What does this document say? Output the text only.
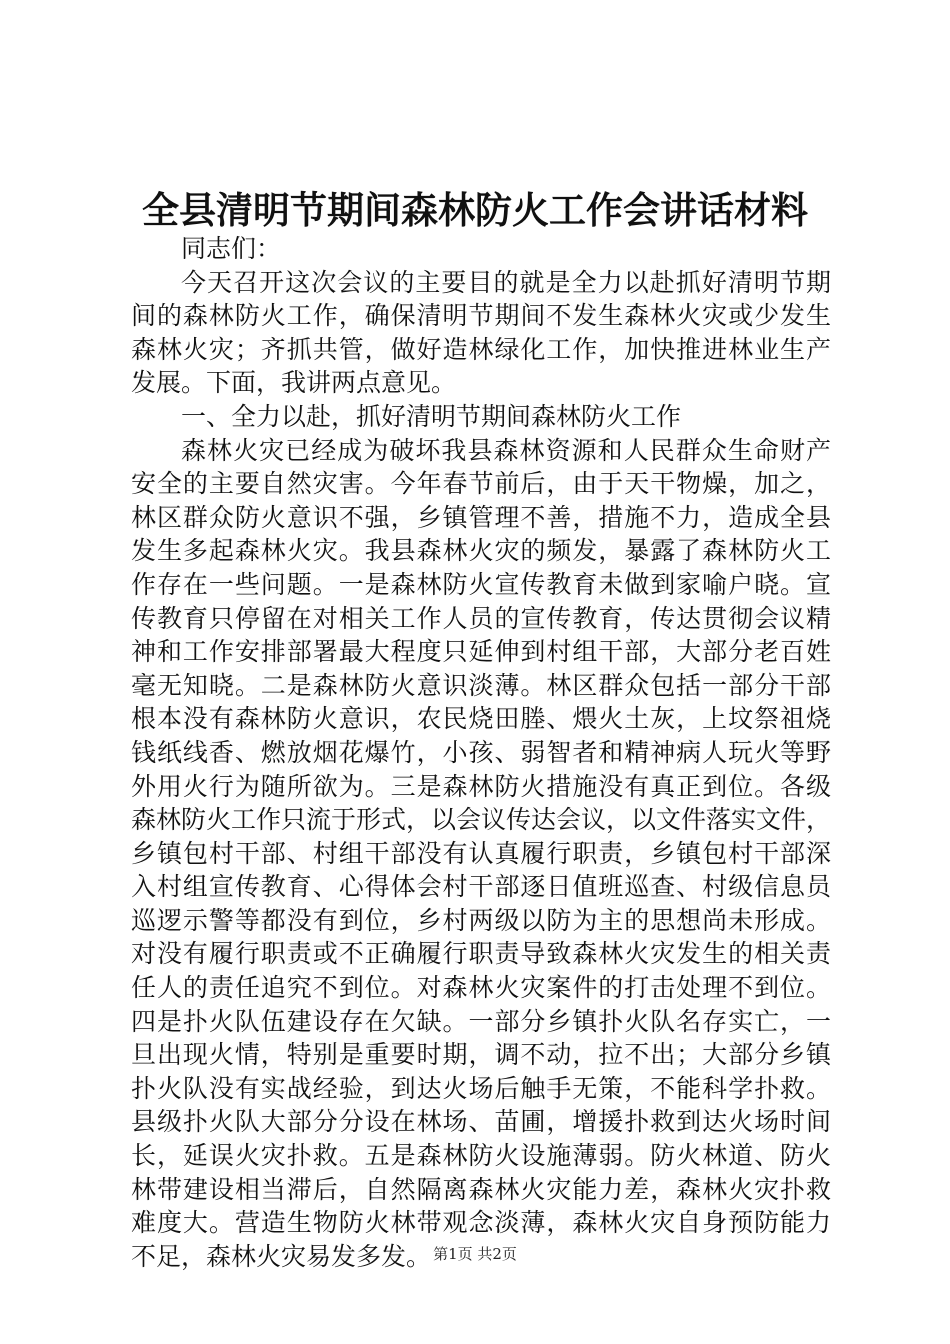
全县清明节期间森林防火工作会讲话材料
同志们：
今天召开这次会议的主要目的就是全力以赴抓好清明节期
间的森林防火工作，确保清明节期间不发生森林火灾或少发生
森林火灾；齐抓共管，做好造林绿化工作，加快推进林业生产
发展。下面，我讲两点意见。
一、全力以赴，抓好清明节期间森林防火工作
森林火灾已经成为破坏我县森林资源和人民群众生命财产
安全的主要自然灾害。今年春节前后，由于天干物燥，加之，
林区群众防火意识不强，乡镇管理不善，措施不力，造成全县
发生多起森林火灾。我县森林火灾的频发，暴露了森林防火工
作存在一些问题。一是森林防火宣传教育未做到家喻户晓。宣
传教育只停留在对相关工作人员的宣传教育，传达贯彻会议精
神和工作安排部署最大程度只延伸到村组干部，大部分老百姓
毫无知晓。二是森林防火意识淡薄。林区群众包括一部分干部
根本没有森林防火意识，农民烧田塍、煨火土灰，上坟祭祖烧
钱纸线香、燃放烟花爆竹，小孩、弱智者和精神病人玩火等野
外用火行为随所欲为。三是森林防火措施没有真正到位。各级
森林防火工作只流于形式，以会议传达会议，以文件落实文件，
乡镇包村干部、村组干部没有认真履行职责，乡镇包村干部深
入村组宣传教育、心得体会村干部逐日值班巡查、村级信息员
巡逻示警等都没有到位，乡村两级以防为主的思想尚未形成。
对没有履行职责或不正确履行职责导致森林火灾发生的相关责
任人的责任追究不到位。对森林火灾案件的打击处理不到位。
四是扑火队伍建设存在欠缺。一部分乡镇扑火队名存实亡，一
旦出现火情，特别是重要时期，调不动，拉不出；大部分乡镇
扑火队没有实战经验，到达火场后触手无策，不能科学扑救。
县级扑火队大部分分设在林场、苗圃，增援扑救到达火场时间
长，延误火灾扑救。五是森林防火设施薄弱。防火林道、防火
林带建设相当滞后，自然隔离森林火灾能力差，森林火灾扑救
难度大。营造生物防火林带观念淡薄，森林火灾自身预防能力
不足，森林火灾易发多发。 第1页 共2页
